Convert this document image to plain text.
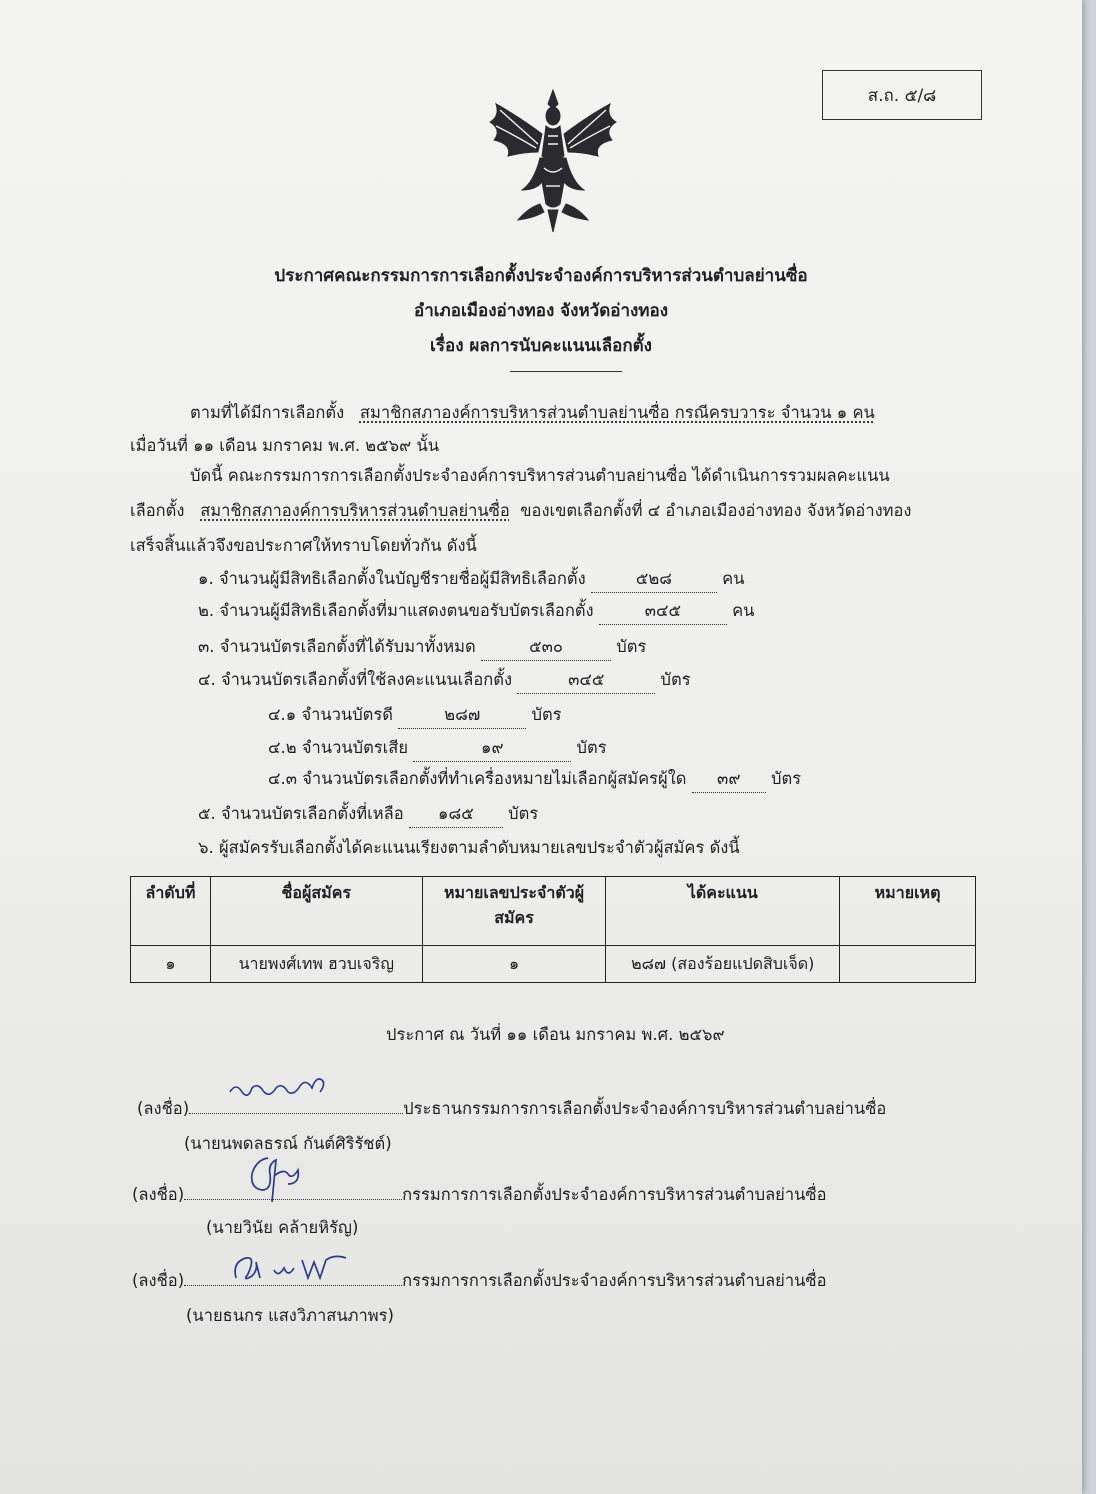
ส.ถ. ๕/๘
ประกาศคณะกรรมการการเลือกตั้งประจำองค์การบริหารส่วนตำบลย่านซื่อ
อำเภอเมืองอ่างทอง จังหวัดอ่างทอง
เรื่อง ผลการนับคะแนนเลือกตั้ง
ตามที่ได้มีการเลือกตั้ง สมาชิกสภาองค์การบริหารส่วนตำบลย่านซื่อ กรณีครบวาระ จำนวน ๑ คน
เมื่อวันที่ ๑๑ เดือน มกราคม พ.ศ. ๒๕๖๙ นั้น
บัดนี้ คณะกรรมการการเลือกตั้งประจำองค์การบริหารส่วนตำบลย่านซื่อ ได้ดำเนินการรวมผลคะแนน
เลือกตั้ง สมาชิกสภาองค์การบริหารส่วนตำบลย่านซื่อ ของเขตเลือกตั้งที่ ๔ อำเภอเมืองอ่างทอง จังหวัดอ่างทอง
เสร็จสิ้นแล้วจึงขอประกาศให้ทราบโดยทั่วกัน ดังนี้
๑. จำนวนผู้มีสิทธิเลือกตั้งในบัญชีรายชื่อผู้มีสิทธิเลือกตั้ง	๕๒๘	คน
๒. จำนวนผู้มีสิทธิเลือกตั้งที่มาแสดงตนขอรับบัตรเลือกตั้ง	๓๔๕	คน
๓. จำนวนบัตรเลือกตั้งที่ได้รับมาทั้งหมด	๕๓๐	บัตร
๔. จำนวนบัตรเลือกตั้งที่ใช้ลงคะแนนเลือกตั้ง	๓๔๕	บัตร
๔.๑ จำนวนบัตรดี	๒๘๗	บัตร
๔.๒ จำนวนบัตรเสีย	๑๙	บัตร
๔.๓ จำนวนบัตรเลือกตั้งที่ทำเครื่องหมายไม่เลือกผู้สมัครผู้ใด ๓๙ บัตร
๕. จำนวนบัตรเลือกตั้งที่เหลือ ๑๘๕ บัตร
๖. ผู้สมัครรับเลือกตั้งได้คะแนนเรียงตามลำดับหมายเลขประจำตัวผู้สมัคร ดังนี้
ลำดับที่	ชื่อผู้สมัคร	หมายเลขประจำตัวผู้สมัคร	ได้คะแนน	หมายเหตุ
๑	นายพงศ์เทพ ฮวบเจริญ	๑	๒๘๗ (สองร้อยแปดสิบเจ็ด)	
ประกาศ ณ วันที่ ๑๑ เดือน มกราคม พ.ศ. ๒๕๖๙
(ลงชื่อ)	ประธานกรรมการการเลือกตั้งประจำองค์การบริหารส่วนตำบลย่านซื่อ
(นายนพดลธรณ์ กันต์ศิริรัชต์)
(ลงชื่อ)	กรรมการการเลือกตั้งประจำองค์การบริหารส่วนตำบลย่านซื่อ
(นายวินัย คล้ายหิรัญ)
(ลงชื่อ)	กรรมการการเลือกตั้งประจำองค์การบริหารส่วนตำบลย่านซื่อ
(นายธนกร แสงวิภาสนภาพร)
